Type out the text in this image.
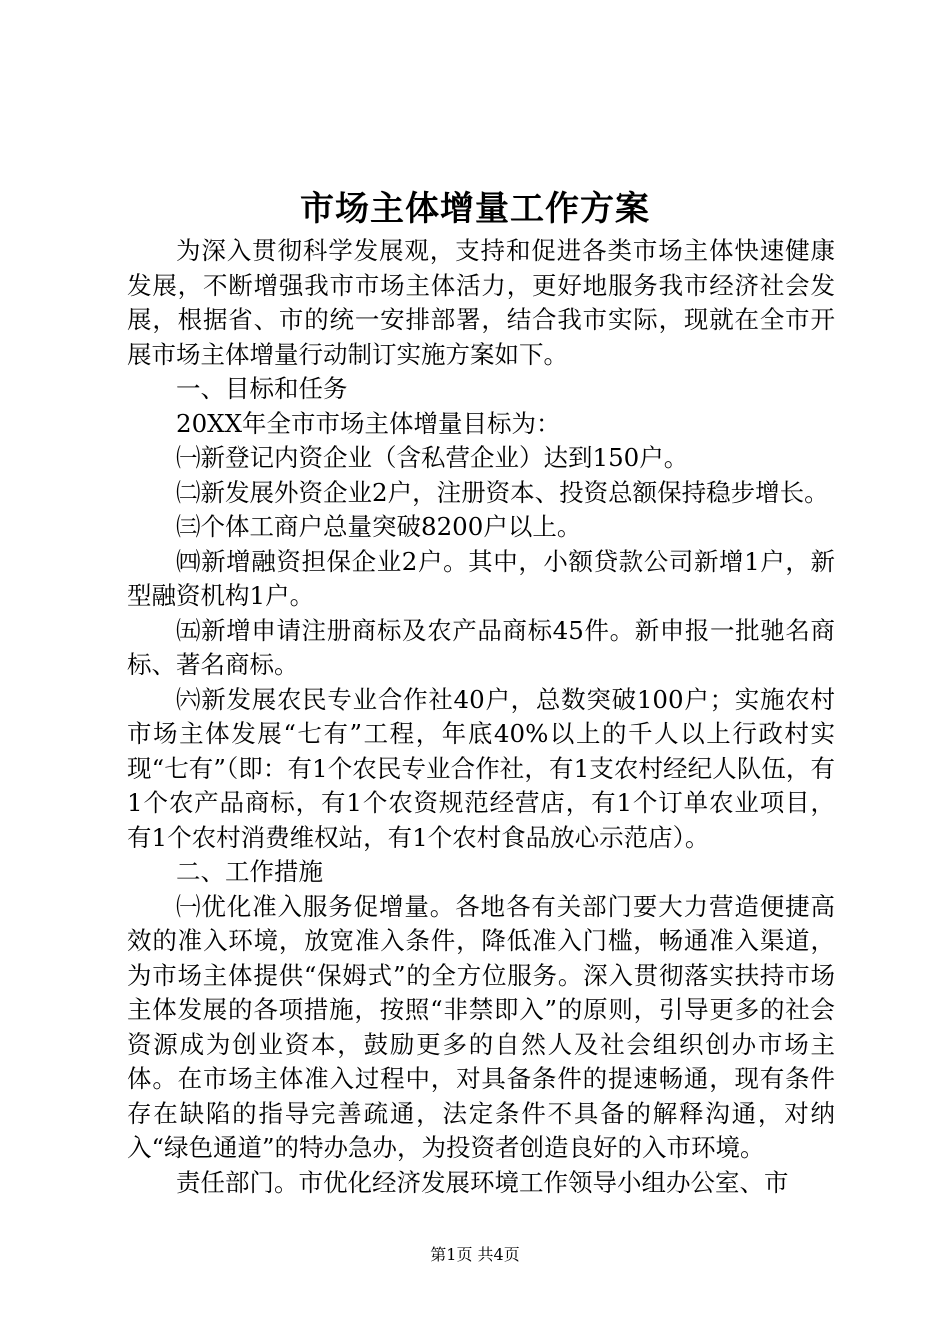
市场主体增量工作方案

为深入贯彻科学发展观，支持和促进各类市场主体快速健康发展，不断增强我市市场主体活力，更好地服务我市经济社会发展，根据省、市的统一安排部署，结合我市实际，现就在全市开展市场主体增量行动制订实施方案如下。

一、目标和任务

20XX年全市市场主体增量目标为：

㈠新登记内资企业（含私营企业）达到150户。

㈡新发展外资企业2户，注册资本、投资总额保持稳步增长。

㈢个体工商户总量突破8200户以上。

㈣新增融资担保企业2户。其中，小额贷款公司新增1户，新型融资机构1户。

㈤新增申请注册商标及农产品商标45件。新申报一批驰名商标、著名商标。

㈥新发展农民专业合作社40户，总数突破100户；实施农村市场主体发展“七有”工程，年底40%以上的千人以上行政村实现“七有”（即：有1个农民专业合作社，有1支农村经纪人队伍，有1个农产品商标，有1个农资规范经营店，有1个订单农业项目，有1个农村消费维权站，有1个农村食品放心示范店）。

二、工作措施

㈠优化准入服务促增量。各地各有关部门要大力营造便捷高效的准入环境，放宽准入条件，降低准入门槛，畅通准入渠道，为市场主体提供“保姆式”的全方位服务。深入贯彻落实扶持市场主体发展的各项措施，按照“非禁即入”的原则，引导更多的社会资源成为创业资本，鼓励更多的自然人及社会组织创办市场主体。在市场主体准入过程中，对具备条件的提速畅通，现有条件存在缺陷的指导完善疏通，法定条件不具备的解释沟通，对纳入“绿色通道”的特办急办，为投资者创造良好的入市环境。

责任部门。市优化经济发展环境工作领导小组办公室、市

第1页 共4页
